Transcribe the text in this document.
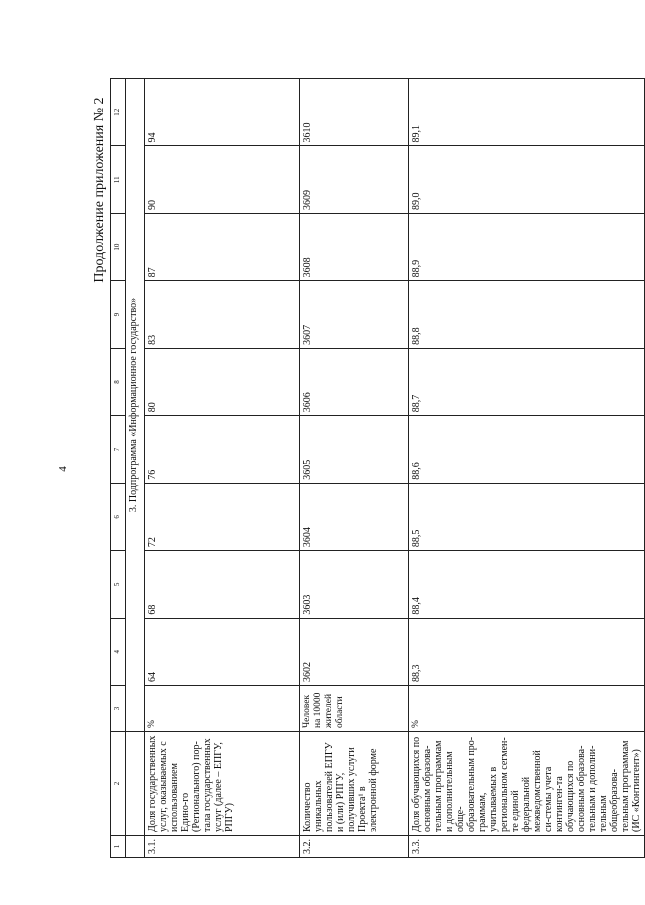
4
Продолжение приложения № 2
1	2	3	4	5	6	7	8	9	10	11	12
		3. Подпрограмма «Информационное государство»									
3.1.	Доля государственных услуг, оказываемых с использованием Едино-го (Регионального) пор-тала государственных услуг (далее – ЕПГУ, РПГУ)	%	64	68	72	76	80	83	87	90	94
3.2.	Количество уникальных пользователей ЕПГУ и (или) РПГУ, получивших услуги Проекта¹ в электронной форме	Человек на 10000 жителей области	3602	3603	3604	3605	3606	3607	3608	3609	3610
3.3.	Доля обучающихся по основным образова-тельным программам и дополнительным обще-образовательным про-граммам, учитываемых в региональном сегмен-те единой федеральной межведомственной си-стемы учета континген-та обучающихся по основным образова-тельным и дополни-тельным общеобразова-тельным программам (ИС «Контингент»)	%	88,3	88,4	88,5	88,6	88,7	88,8	88,9	89,0	89,1
